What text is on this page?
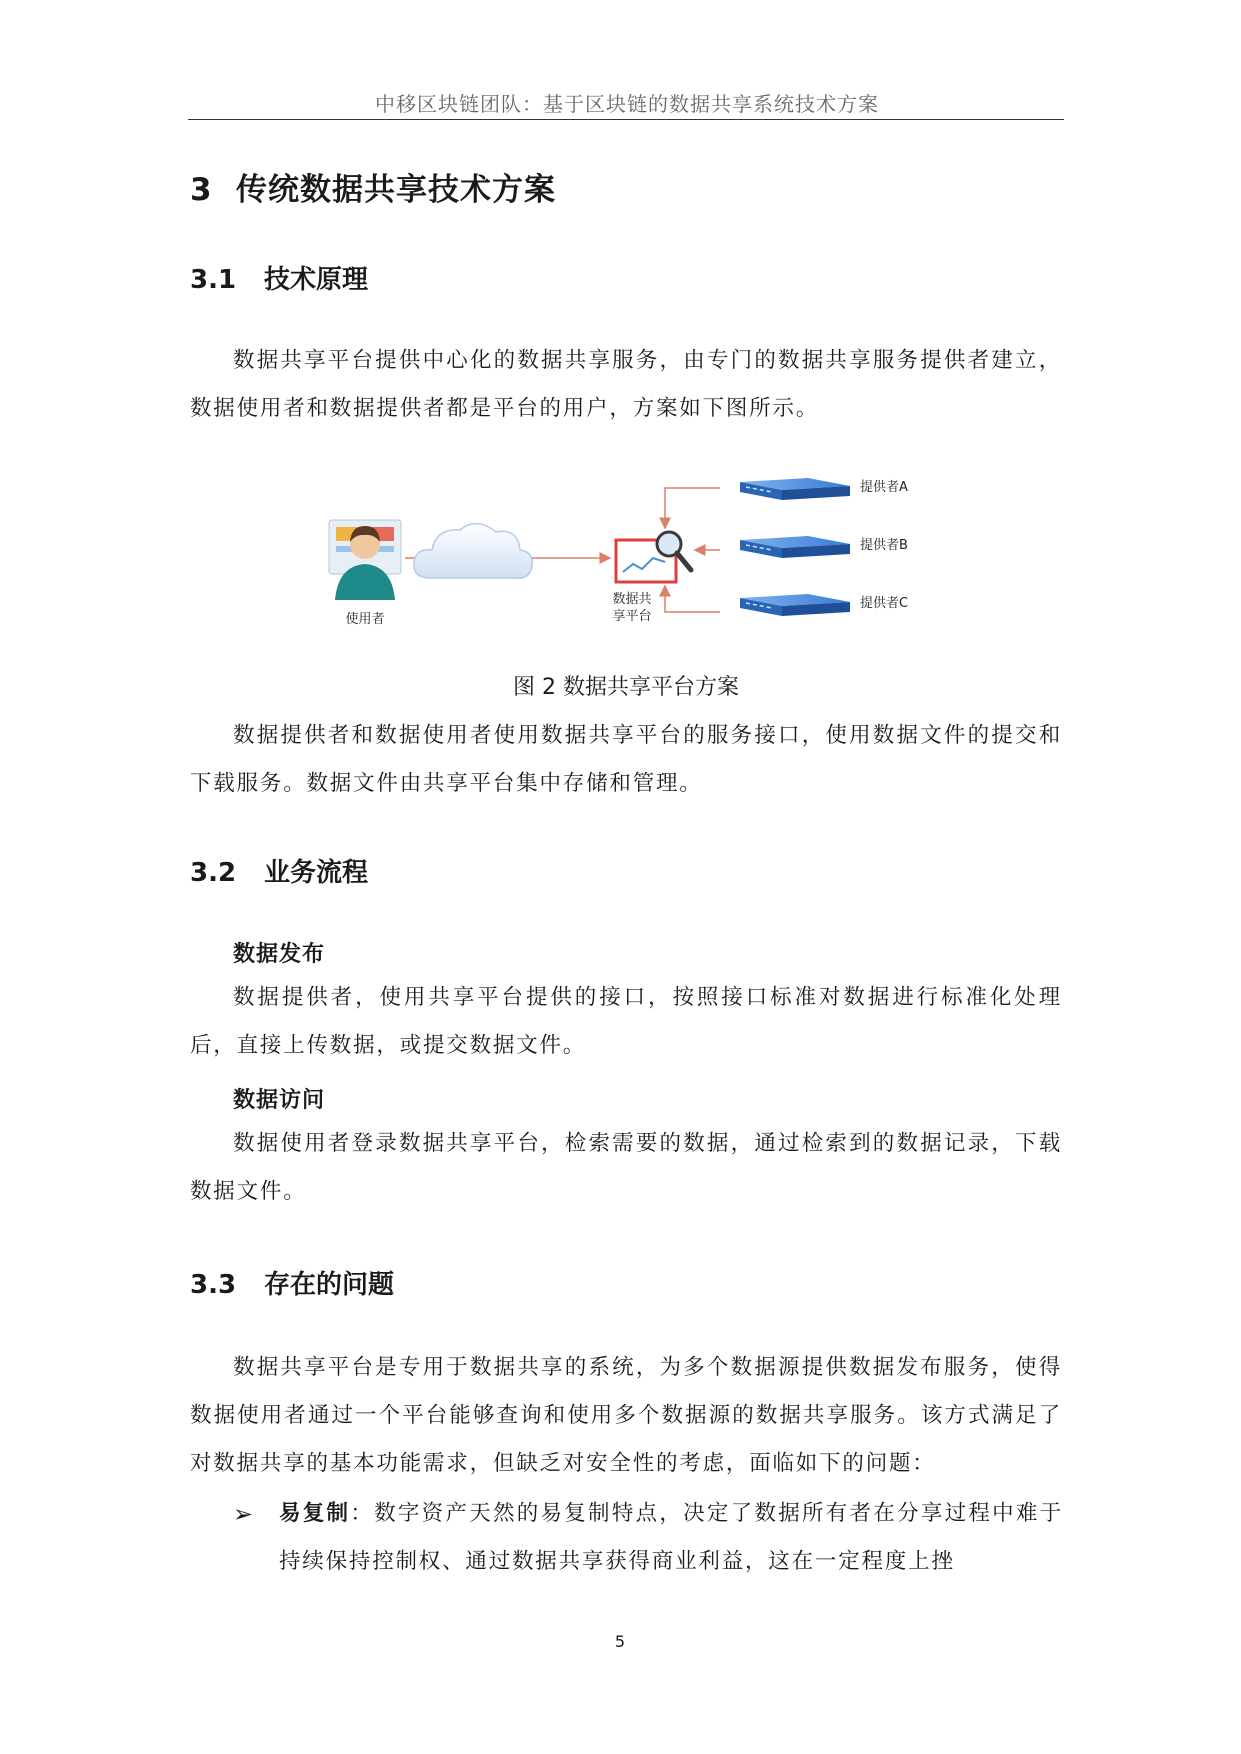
中移区块链团队：基于区块链的数据共享系统技术方案
3 传统数据共享技术方案
3.1 技术原理
数据共享平台提供中心化的数据共享服务，由专门的数据共享服务提供者建立，数据使用者和数据提供者都是平台的用户，方案如下图所示。
使用者
数据共
享平台
提供者A
提供者B
提供者C
图 2 数据共享平台方案
数据提供者和数据使用者使用数据共享平台的服务接口，使用数据文件的提交和下载服务。数据文件由共享平台集中存储和管理。
3.2 业务流程
数据发布
数据提供者，使用共享平台提供的接口，按照接口标准对数据进行标准化处理后，直接上传数据，或提交数据文件。
数据访问
数据使用者登录数据共享平台，检索需要的数据，通过检索到的数据记录，下载数据文件。
3.3 存在的问题
数据共享平台是专用于数据共享的系统，为多个数据源提供数据发布服务，使得数据使用者通过一个平台能够查询和使用多个数据源的数据共享服务。该方式满足了对数据共享的基本功能需求，但缺乏对安全性的考虑，面临如下的问题：
➢ 易复制：数字资产天然的易复制特点，决定了数据所有者在分享过程中难于持续保持控制权、通过数据共享获得商业利益，这在一定程度上挫
5
